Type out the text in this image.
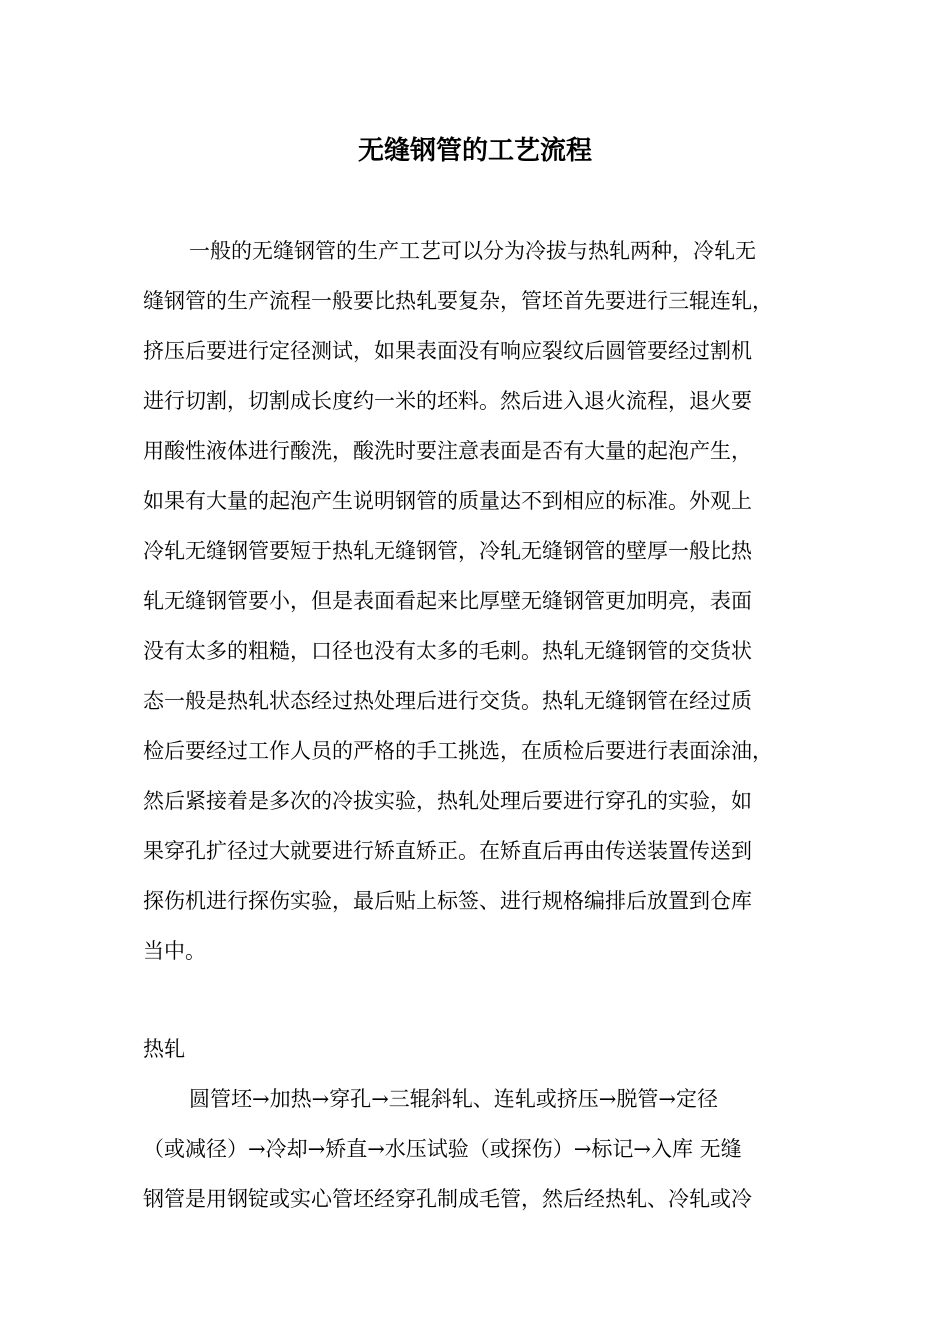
无缝钢管的工艺流程
一般的无缝钢管的生产工艺可以分为冷拔与热轧两种，冷轧无
缝钢管的生产流程一般要比热轧要复杂，管坯首先要进行三辊连轧，
挤压后要进行定径测试，如果表面没有响应裂纹后圆管要经过割机
进行切割，切割成长度约一米的坯料。然后进入退火流程，退火要
用酸性液体进行酸洗，酸洗时要注意表面是否有大量的起泡产生，
如果有大量的起泡产生说明钢管的质量达不到相应的标准。外观上
冷轧无缝钢管要短于热轧无缝钢管，冷轧无缝钢管的壁厚一般比热
轧无缝钢管要小，但是表面看起来比厚壁无缝钢管更加明亮，表面
没有太多的粗糙，口径也没有太多的毛刺。热轧无缝钢管的交货状
态一般是热轧状态经过热处理后进行交货。热轧无缝钢管在经过质
检后要经过工作人员的严格的手工挑选，在质检后要进行表面涂油，
然后紧接着是多次的冷拔实验，热轧处理后要进行穿孔的实验，如
果穿孔扩径过大就要进行矫直矫正。在矫直后再由传送装置传送到
探伤机进行探伤实验，最后贴上标签、进行规格编排后放置到仓库
当中。
热轧
圆管坯→加热→穿孔→三辊斜轧、连轧或挤压→脱管→定径
（或减径）→冷却→矫直→水压试验（或探伤）→标记→入库 无缝
钢管是用钢锭或实心管坯经穿孔制成毛管，然后经热轧、冷轧或冷
